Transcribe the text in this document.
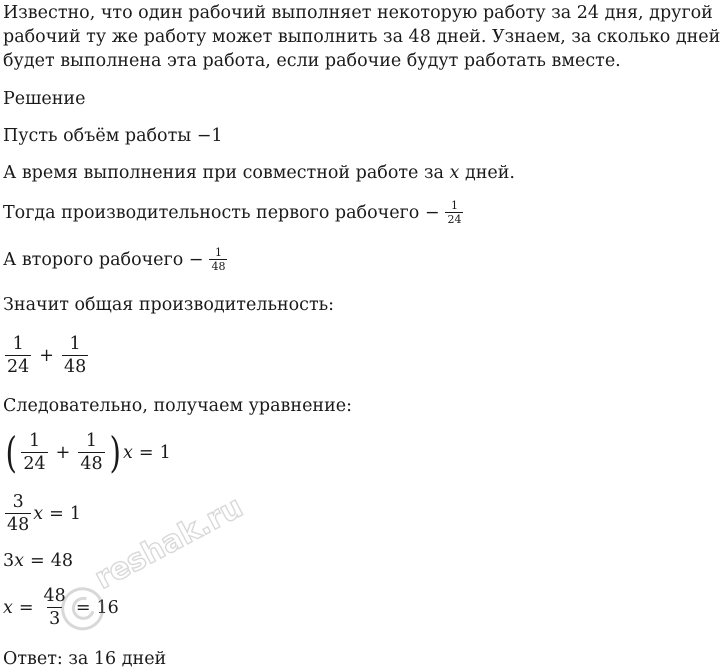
Известно, что один рабочий выполняет некоторую работу за 24 дня, другой
рабочий ту же работу может выполнить за 48 дней. Узнаем, за сколько дней
будет выполнена эта работа, если рабочие будут работать вместе.
Решение
Пусть объём работы −1
А время выполнения при совместной работе за x дней.
Тогда производительность первого рабочего − $\frac{1}{24}$
А второго рабочего − $\frac{1}{48}$
Значит общая производительность:
$\frac{1}{24} + \frac{1}{48}$
Следовательно, получаем уравнение:
( $\frac{1}{24} + \frac{1}{48}$ ) x = 1
$\frac{3}{48}$ x = 1
3 x = 48
$x = \frac{48}{3} = 16$
Ответ: за 16 дней
reshak.ru
